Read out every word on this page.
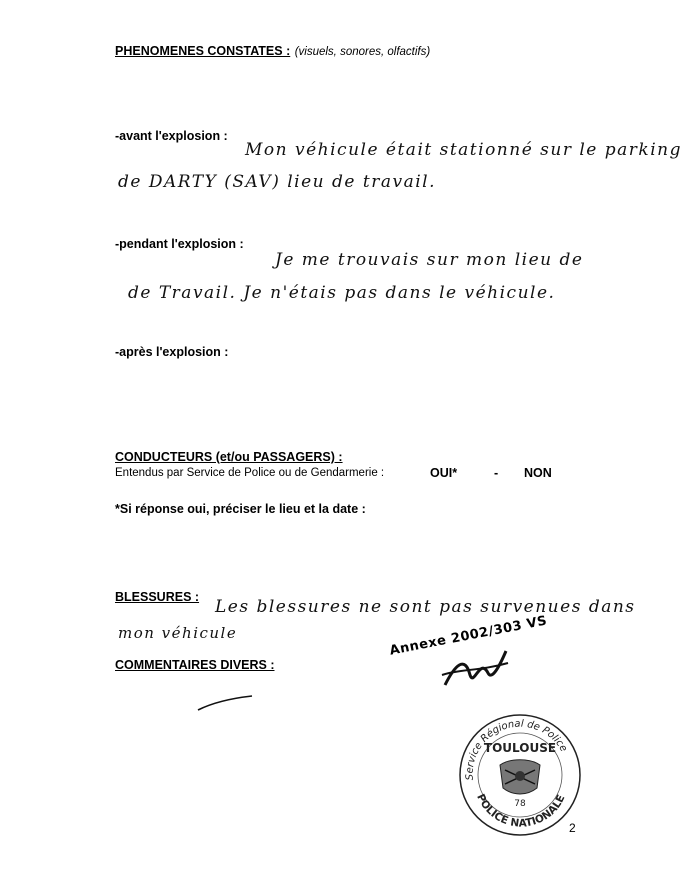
PHENOMENES CONSTATES : (visuels, sonores, olfactifs)
-avant l'explosion :
Mon véhicule était stationné sur le parking
de DARTY (SAV) lieu de travail.
-pendant l'explosion :
Je me trouvais sur mon lieu de
de Travail. Je n'étais pas dans le véhicule.
-après l'explosion :
CONDUCTEURS (et/ou PASSAGERS) :
Entendus par Service de Police ou de Gendarmerie :	OUI*	- NON
*Si réponse oui, préciser le lieu et la date :
BLESSURES : Les blessures ne sont pas survenues dans
mon véhicule
COMMENTAIRES DIVERS :
Annexe 2002/303 VS
Service Régional de Police
POLICE NATIONALE
TOULOUSE
78
2
